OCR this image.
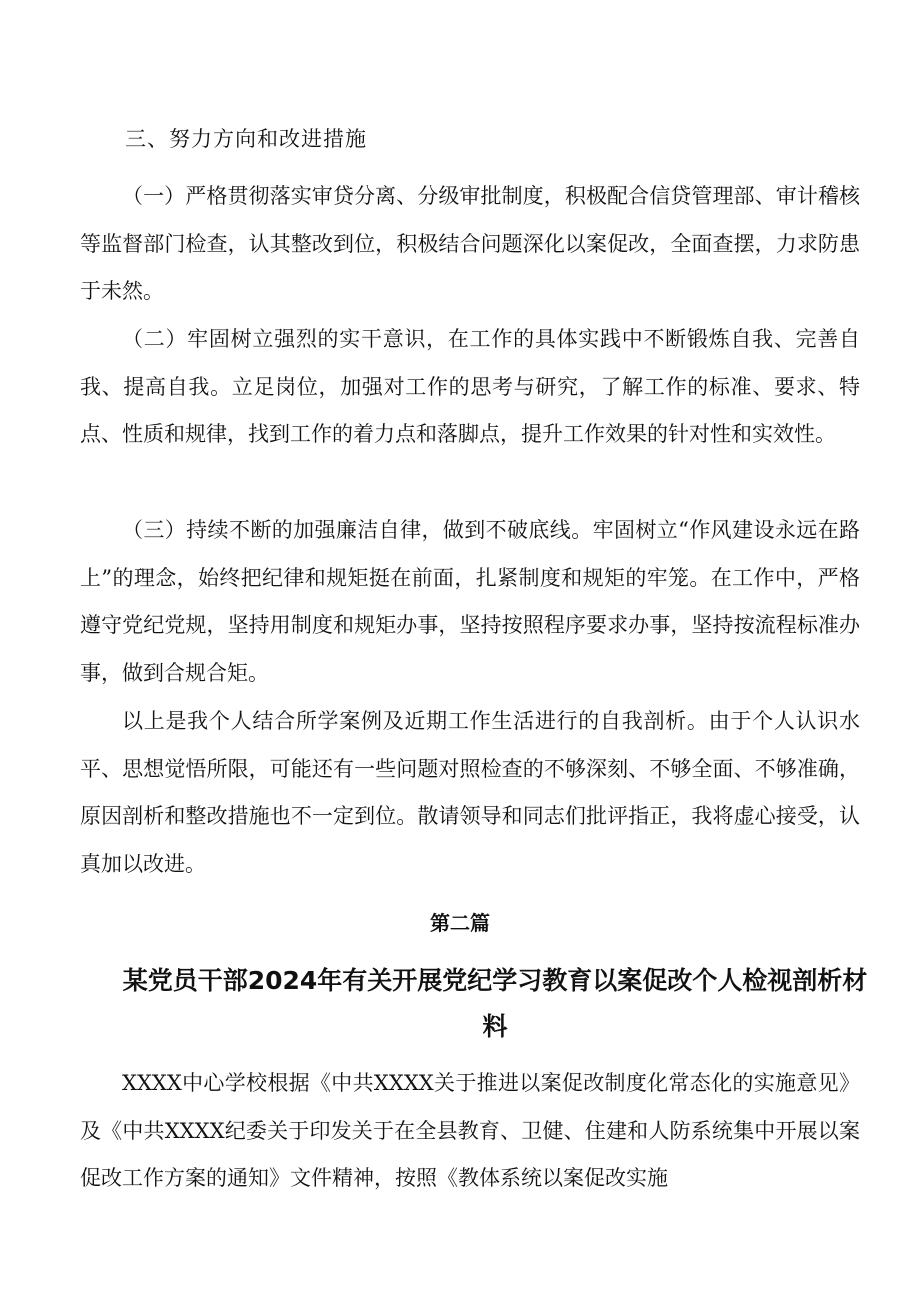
三、努力方向和改进措施

（一）严格贯彻落实审贷分离、分级审批制度，积极配合信贷管理部、审计稽核等监督部门检查，认其整改到位，积极结合问题深化以案促改，全面查摆，力求防患于未然。

（二）牢固树立强烈的实干意识，在工作的具体实践中不断锻炼自我、完善自我、提高自我。立足岗位，加强对工作的思考与研究，了解工作的标准、要求、特点、性质和规律，找到工作的着力点和落脚点，提升工作效果的针对性和实效性。

（三）持续不断的加强廉洁自律，做到不破底线。牢固树立“作风建设永远在路上”的理念，始终把纪律和规矩挺在前面，扎紧制度和规矩的牢笼。在工作中，严格遵守党纪党规，坚持用制度和规矩办事，坚持按照程序要求办事，坚持按流程标准办事，做到合规合矩。

以上是我个人结合所学案例及近期工作生活进行的自我剖析。由于个人认识水平、思想觉悟所限，可能还有一些问题对照检查的不够深刻、不够全面、不够准确，原因剖析和整改措施也不一定到位。散请领导和同志们批评指正，我将虚心接受，认真加以改进。

第二篇
某党员干部2024年有关开展党纪学习教育以案促改个人检视剖析材料

XXXX中心学校根据《中共XXXX关于推进以案促改制度化常态化的实施意见》及《中共XXXX纪委关于印发关于在全县教育、卫健、住建和人防系统集中开展以案促改工作方案的通知》文件精神，按照《教体系统以案促改实施
